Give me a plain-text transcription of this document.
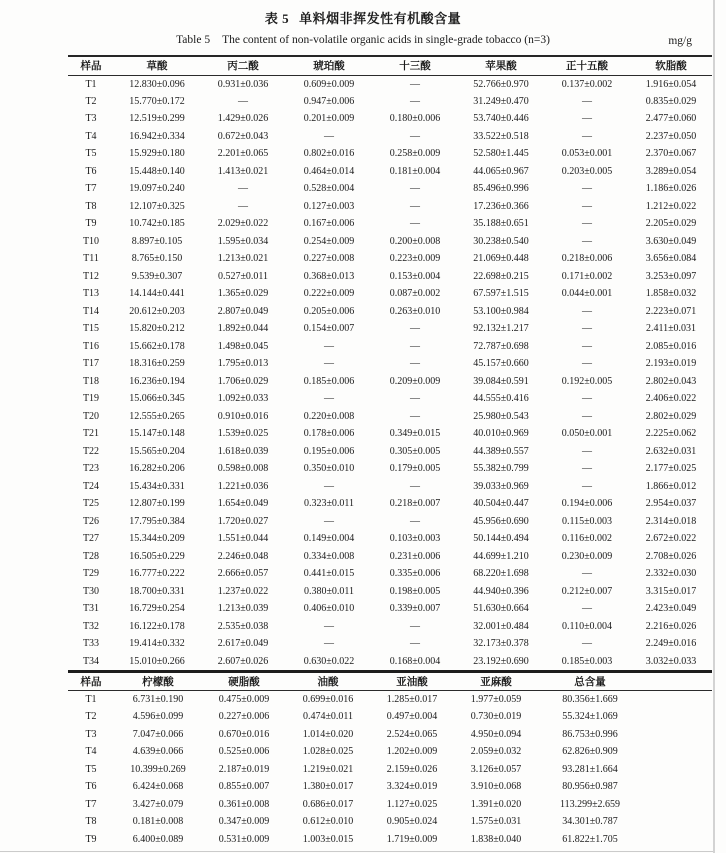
表 5 单料烟非挥发性有机酸含量
Table 5 The content of non-volatile organic acids in single-grade tobacco (n=3)	mg/g
样品	草酸	丙二酸	琥珀酸	十三酸	苹果酸	正十五酸	软脂酸
T1	12.830±0.096	0.931±0.036	0.609±0.009	—	52.766±0.970	0.137±0.002	1.916±0.054
T2	15.770±0.172	—	0.947±0.006	—	31.249±0.470	—	0.835±0.029
T3	12.519±0.299	1.429±0.026	0.201±0.009	0.180±0.006	53.740±0.446	—	2.477±0.060
T4	16.942±0.334	0.672±0.043	—	—	33.522±0.518	—	2.237±0.050
T5	15.929±0.180	2.201±0.065	0.802±0.016	0.258±0.009	52.580±1.445	0.053±0.001	2.370±0.067
T6	15.448±0.140	1.413±0.021	0.464±0.014	0.181±0.004	44.065±0.967	0.203±0.005	3.289±0.054
T7	19.097±0.240	—	0.528±0.004	—	85.496±0.996	—	1.186±0.026
T8	12.107±0.325	—	0.127±0.003	—	17.236±0.366	—	1.212±0.022
T9	10.742±0.185	2.029±0.022	0.167±0.006	—	35.188±0.651	—	2.205±0.029
T10	8.897±0.105	1.595±0.034	0.254±0.009	0.200±0.008	30.238±0.540	—	3.630±0.049
T11	8.765±0.150	1.213±0.021	0.227±0.008	0.223±0.009	21.069±0.448	0.218±0.006	3.656±0.084
T12	9.539±0.307	0.527±0.011	0.368±0.013	0.153±0.004	22.698±0.215	0.171±0.002	3.253±0.097
T13	14.144±0.441	1.365±0.029	0.222±0.009	0.087±0.002	67.597±1.515	0.044±0.001	1.858±0.032
T14	20.612±0.203	2.807±0.049	0.205±0.006	0.263±0.010	53.100±0.984	—	2.223±0.071
T15	15.820±0.212	1.892±0.044	0.154±0.007	—	92.132±1.217	—	2.411±0.031
T16	15.662±0.178	1.498±0.045	—	—	72.787±0.698	—	2.085±0.016
T17	18.316±0.259	1.795±0.013	—	—	45.157±0.660	—	2.193±0.019
T18	16.236±0.194	1.706±0.029	0.185±0.006	0.209±0.009	39.084±0.591	0.192±0.005	2.802±0.043
T19	15.066±0.345	1.092±0.033	—	—	44.555±0.416	—	2.406±0.022
T20	12.555±0.265	0.910±0.016	0.220±0.008	—	25.980±0.543	—	2.802±0.029
T21	15.147±0.148	1.539±0.025	0.178±0.006	0.349±0.015	40.010±0.969	0.050±0.001	2.225±0.062
T22	15.565±0.204	1.618±0.039	0.195±0.006	0.305±0.005	44.389±0.557	—	2.632±0.031
T23	16.282±0.206	0.598±0.008	0.350±0.010	0.179±0.005	55.382±0.799	—	2.177±0.025
T24	15.434±0.331	1.221±0.036	—	—	39.033±0.969	—	1.866±0.012
T25	12.807±0.199	1.654±0.049	0.323±0.011	0.218±0.007	40.504±0.447	0.194±0.006	2.954±0.037
T26	17.795±0.384	1.720±0.027	—	—	45.956±0.690	0.115±0.003	2.314±0.018
T27	15.344±0.209	1.551±0.044	0.149±0.004	0.103±0.003	50.144±0.494	0.116±0.002	2.672±0.022
T28	16.505±0.229	2.246±0.048	0.334±0.008	0.231±0.006	44.699±1.210	0.230±0.009	2.708±0.026
T29	16.777±0.222	2.666±0.057	0.441±0.015	0.335±0.006	68.220±1.698	—	2.332±0.030
T30	18.700±0.331	1.237±0.022	0.380±0.011	0.198±0.005	44.940±0.396	0.212±0.007	3.315±0.017
T31	16.729±0.254	1.213±0.039	0.406±0.010	0.339±0.007	51.630±0.664	—	2.423±0.049
T32	16.122±0.178	2.535±0.038	—	—	32.001±0.484	0.110±0.004	2.216±0.026
T33	19.414±0.332	2.617±0.049	—	—	32.173±0.378	—	2.249±0.016
T34	15.010±0.266	2.607±0.026	0.630±0.022	0.168±0.004	23.192±0.690	0.185±0.003	3.032±0.033
样品	柠檬酸	硬脂酸	油酸	亚油酸	亚麻酸	总含量	
T1	6.731±0.190	0.475±0.009	0.699±0.016	1.285±0.017	1.977±0.059	80.356±1.669	
T2	4.596±0.099	0.227±0.006	0.474±0.011	0.497±0.004	0.730±0.019	55.324±1.069	
T3	7.047±0.066	0.670±0.016	1.014±0.020	2.524±0.065	4.950±0.094	86.753±0.996	
T4	4.639±0.066	0.525±0.006	1.028±0.025	1.202±0.009	2.059±0.032	62.826±0.909	
T5	10.399±0.269	2.187±0.019	1.219±0.021	2.159±0.026	3.126±0.057	93.281±1.664	
T6	6.424±0.068	0.855±0.007	1.380±0.017	3.324±0.019	3.910±0.068	80.956±0.987	
T7	3.427±0.079	0.361±0.008	0.686±0.017	1.127±0.025	1.391±0.020	113.299±2.659	
T8	0.181±0.008	0.347±0.009	0.612±0.010	0.905±0.024	1.575±0.031	34.301±0.787	
T9	6.400±0.089	0.531±0.009	1.003±0.015	1.719±0.009	1.838±0.040	61.822±1.705	
